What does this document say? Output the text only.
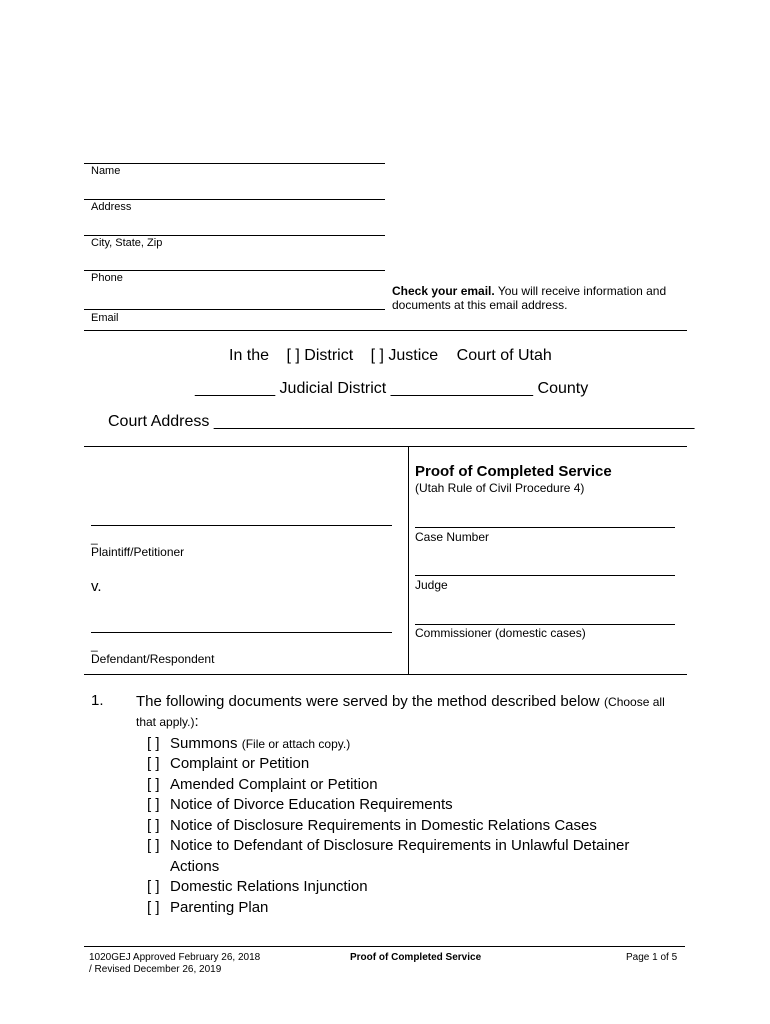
Name
Address
City, State, Zip
Phone
Email
Check your email. You will receive information and
documents at this email address.
In the [ ] District [ ] Justice Court of Utah
_________ Judicial District ________________ County
Court Address ______________________________________________________
_
Plaintiff/Petitioner
v.
_
Defendant/Respondent
Proof of Completed Service
(Utah Rule of Civil Procedure 4)
Case Number
Judge
Commissioner (domestic cases)
1. The following documents were served by the method described below (Choose all
that apply.):
[ ] Summons (File or attach copy.)
[ ] Complaint or Petition
[ ] Amended Complaint or Petition
[ ] Notice of Divorce Education Requirements
[ ] Notice of Disclosure Requirements in Domestic Relations Cases
[ ] Notice to Defendant of Disclosure Requirements in Unlawful Detainer
Actions
[ ] Domestic Relations Injunction
[ ] Parenting Plan
1020GEJ Approved February 26, 2018
/ Revised December 26, 2019
Proof of Completed Service	Page 1 of 5
